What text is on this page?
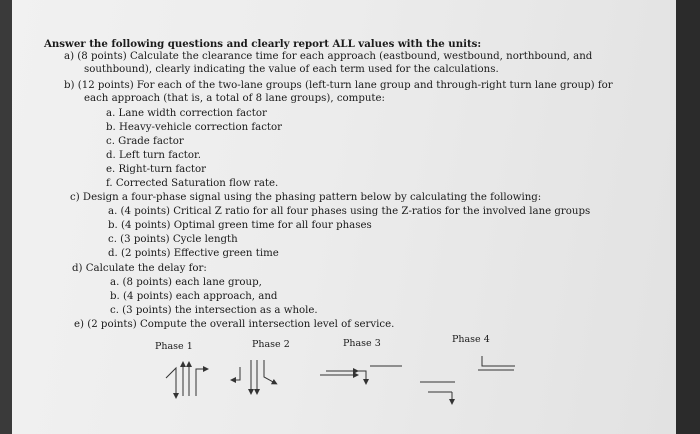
Answer the following questions and clearly report ALL values with the units:
a) (8 points) Calculate the clearance time for each approach (eastbound, westbound, northbound, and
southbound), clearly indicating the value of each term used for the calculations.
b) (12 points) For each of the two-lane groups (left-turn lane group and through-right turn lane group) for
each approach (that is, a total of 8 lane groups), compute:
a. Lane width correction factor
b. Heavy-vehicle correction factor
c. Grade factor
d. Left turn factor.
e. Right-turn factor
f. Corrected Saturation flow rate.
c) Design a four-phase signal using the phasing pattern below by calculating the following:
a. (4 points) Critical Z ratio for all four phases using the Z-ratios for the involved lane groups
b. (4 points) Optimal green time for all four phases
c. (3 points) Cycle length
d. (2 points) Effective green time
d) Calculate the delay for:
a. (8 points) each lane group,
b. (4 points) each approach, and
c. (3 points) the intersection as a whole.
e) (2 points) Compute the overall intersection level of service.
Phase 1	Phase 2	Phase 3	Phase 4
